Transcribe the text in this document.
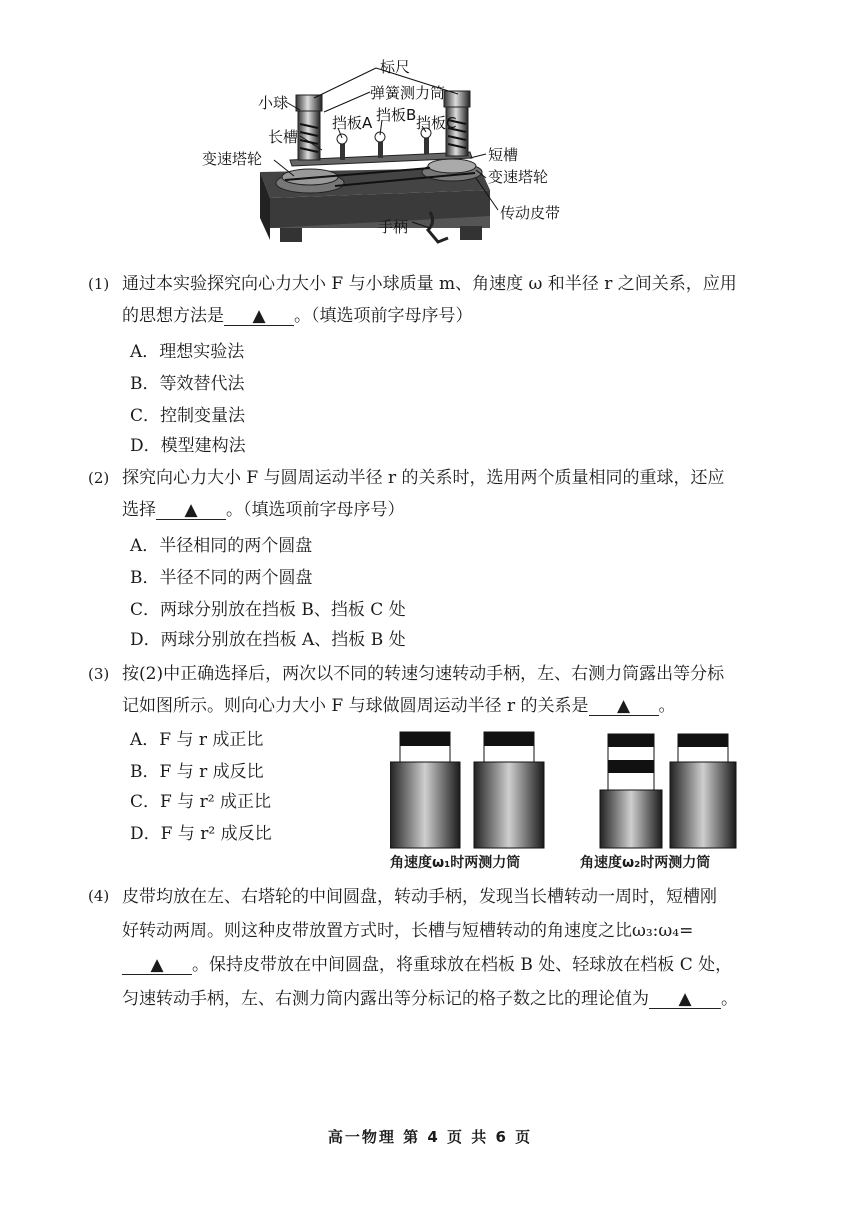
标尺
弹簧测力筒
小球
挡板A 挡板B 挡板C
长槽
变速塔轮	短槽
变速塔轮
传动皮带
手柄
(1) 通过本实验探究向心力大小 F 与小球质量 m、角速度 ω 和半径 r 之间关系，应用
的思想方法是 ▲ 。（填选项前字母序号）
A．理想实验法
B．等效替代法
C．控制变量法
D．模型建构法
(2) 探究向心力大小 F 与圆周运动半径 r 的关系时，选用两个质量相同的重球，还应
选择 ▲ 。（填选项前字母序号）
A．半径相同的两个圆盘
B．半径不同的两个圆盘
C．两球分别放在挡板 B、挡板 C 处
D．两球分别放在挡板 A、挡板 B 处
(3) 按(2)中正确选择后，两次以不同的转速匀速转动手柄，左、右测力筒露出等分标
记如图所示。则向心力大小 F 与球做圆周运动半径 r 的关系是 ▲ 。
A．F 与 r 成正比
B．F 与 r 成反比
C．F 与 r² 成正比
D．F 与 r² 成反比
角速度ω₁时两测力筒	角速度ω₂时两测力筒
(4) 皮带均放在左、右塔轮的中间圆盘，转动手柄，发现当长槽转动一周时，短槽刚
好转动两周。则这种皮带放置方式时，长槽与短槽转动的角速度之比ω₃:ω₄=
▲ 。保持皮带放在中间圆盘，将重球放在档板 B 处、轻球放在档板 C 处，
匀速转动手柄，左、右测力筒内露出等分标记的格子数之比的理论值为 ▲ 。
高一物理 第 4 页 共 6 页
